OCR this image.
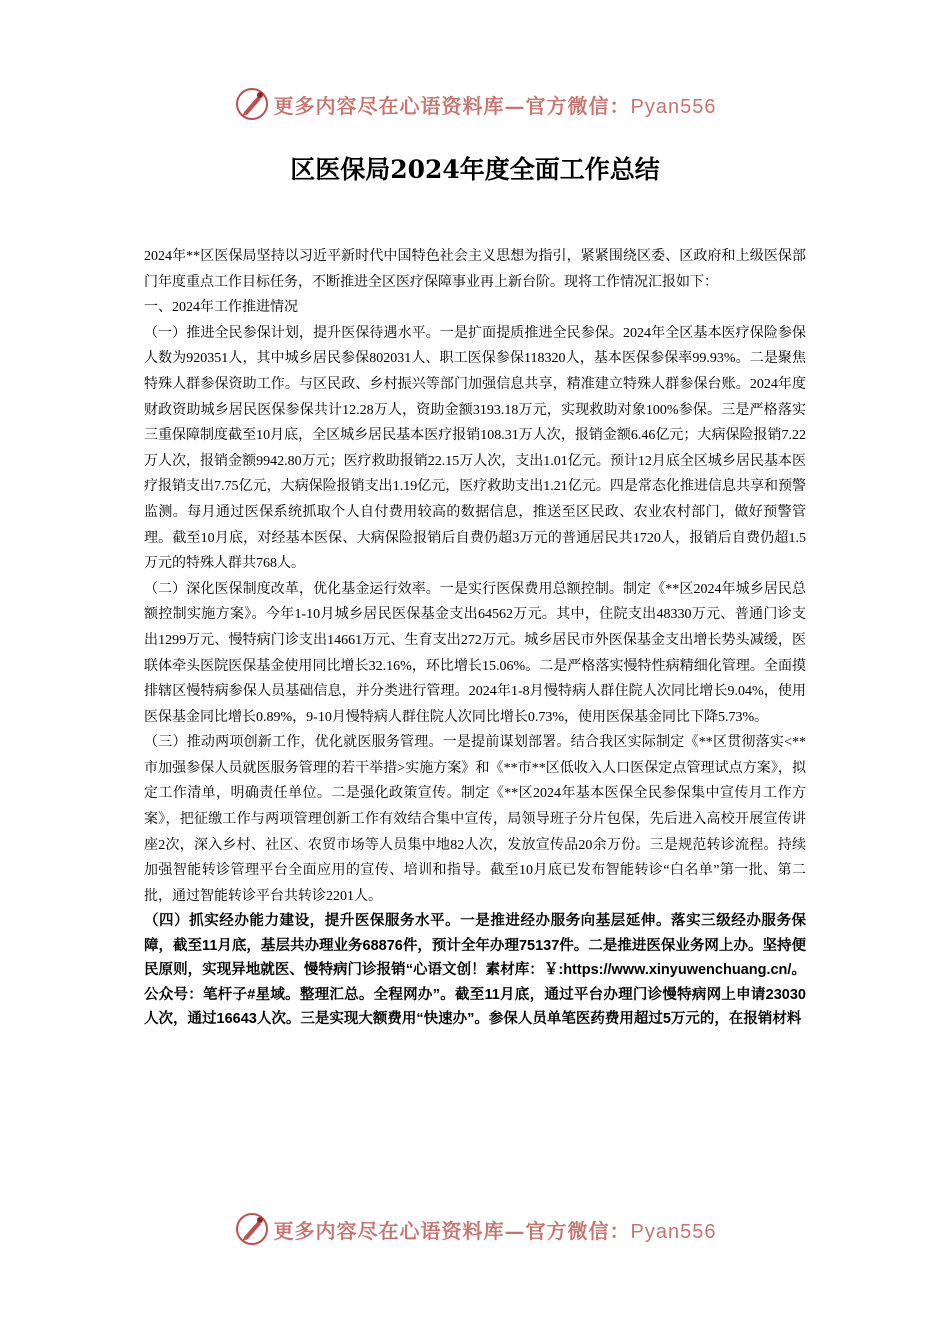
更多内容尽在心语资料库—官方微信：Pyan556
区医保局2024年度全面工作总结

2024年**区医保局坚持以习近平新时代中国特色社会主义思想为指引，紧紧围绕区委、区政府和上级医保部门年度重点工作目标任务，不断推进全区医疗保障事业再上新台阶。现将工作情况汇报如下：

一、2024年工作推进情况

（一）推进全民参保计划，提升医保待遇水平。一是扩面提质推进全民参保。2024年全区基本医疗保险参保人数为920351人，其中城乡居民参保802031人、职工医保参保118320人，基本医保参保率99.93%。二是聚焦特殊人群参保资助工作。与区民政、乡村振兴等部门加强信息共享，精准建立特殊人群参保台账。2024年度财政资助城乡居民医保参保共计12.28万人，资助金额3193.18万元，实现救助对象100%参保。三是严格落实三重保障制度截至10月底，全区城乡居民基本医疗报销108.31万人次，报销金额6.46亿元；大病保险报销7.22万人次，报销金额9942.80万元；医疗救助报销22.15万人次，支出1.01亿元。预计12月底全区城乡居民基本医疗报销支出7.75亿元，大病保险报销支出1.19亿元，医疗救助支出1.21亿元。四是常态化推进信息共享和预警监测。每月通过医保系统抓取个人自付费用较高的数据信息，推送至区民政、农业农村部门，做好预警管理。截至10月底，对经基本医保、大病保险报销后自费仍超3万元的普通居民共1720人，报销后自费仍超1.5万元的特殊人群共768人。

（二）深化医保制度改革，优化基金运行效率。一是实行医保费用总额控制。制定《**区2024年城乡居民总额控制实施方案》。今年1-10月城乡居民医保基金支出64562万元。其中，住院支出48330万元、普通门诊支出1299万元、慢特病门诊支出14661万元、生育支出272万元。城乡居民市外医保基金支出增长势头减缓，医联体牵头医院医保基金使用同比增长32.16%，环比增长15.06%。二是严格落实慢特性病精细化管理。全面摸排辖区慢特病参保人员基础信息，并分类进行管理。2024年1-8月慢特病人群住院人次同比增长9.04%，使用医保基金同比增长0.89%，9-10月慢特病人群住院人次同比增长0.73%，使用医保基金同比下降5.73%。

（三）推动两项创新工作，优化就医服务管理。一是提前谋划部署。结合我区实际制定《**区贯彻落实<**市加强参保人员就医服务管理的若干举措>实施方案》和《**市**区低收入人口医保定点管理试点方案》，拟定工作清单，明确责任单位。二是强化政策宣传。制定《**区2024年基本医保全民参保集中宣传月工作方案》，把征缴工作与两项管理创新工作有效结合集中宣传，局领导班子分片包保，先后进入高校开展宣传讲座2次，深入乡村、社区、农贸市场等人员集中地82人次，发放宣传品20余万份。三是规范转诊流程。持续加强智能转诊管理平台全面应用的宣传、培训和指导。截至10月底已发布智能转诊“白名单”第一批、第二批，通过智能转诊平台共转诊2201人。

（四）抓实经办能力建设，提升医保服务水平。一是推进经办服务向基层延伸。落实三级经办服务保障，截至11月底，基层共办理业务68876件，预计全年办理75137件。二是推进医保业务网上办。坚持便民原则，实现异地就医、慢特病门诊报销“心语文创！素材库：￥:https://www.xinyuwenchuang.cn/。公众号：笔杆子#星域。整理汇总。全程网办”。截至11月底，通过平台办理门诊慢特病网上申请23030人次，通过16643人次。三是实现大额费用“快速办”。参保人员单笔医药费用超过5万元的，在报销材料

更多内容尽在心语资料库—官方微信：Pyan556
